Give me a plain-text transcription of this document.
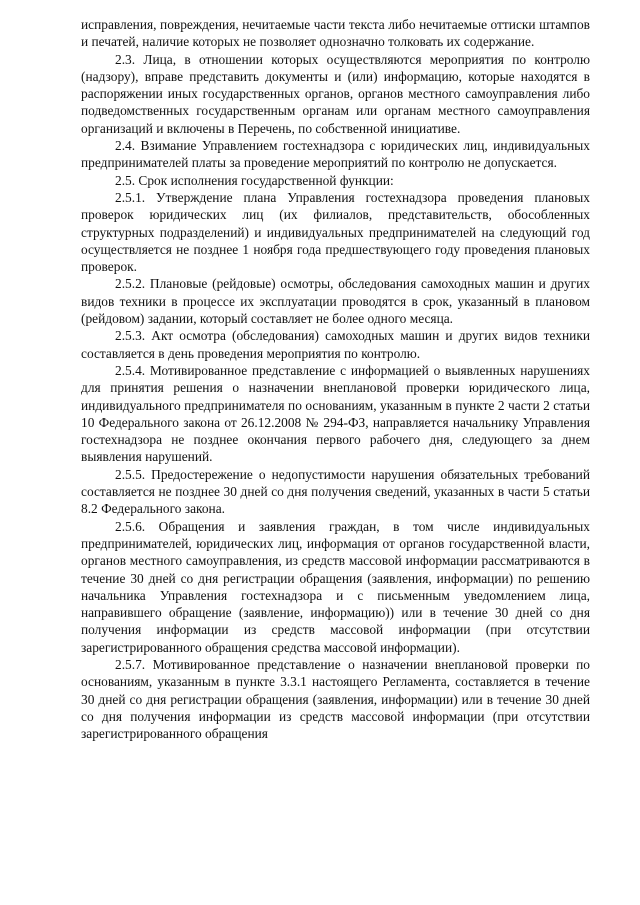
исправления, повреждения, нечитаемые части текста либо нечитаемые оттиски штампов и печатей, наличие которых не позволяет однозначно толковать их содержание.

2.3. Лица, в отношении которых осуществляются мероприятия по контролю (надзору), вправе представить документы и (или) информацию, которые находятся в распоряжении иных государственных органов, органов местного самоуправления либо подведомственных государственным органам или органам местного самоуправления организаций и включены в Перечень, по собственной инициативе.

2.4. Взимание Управлением гостехнадзора с юридических лиц, индивидуальных предпринимателей платы за проведение мероприятий по контролю не допускается.

2.5. Срок исполнения государственной функции:

2.5.1. Утверждение плана Управления гостехнадзора проведения плановых проверок юридических лиц (их филиалов, представительств, обособленных структурных подразделений) и индивидуальных предпринимателей на следующий год осуществляется не позднее 1 ноября года предшествующего году проведения плановых проверок.

2.5.2. Плановые (рейдовые) осмотры, обследования самоходных машин и других видов техники в процессе их эксплуатации проводятся в срок, указанный в плановом (рейдовом) задании, который составляет не более одного месяца.

2.5.3. Акт осмотра (обследования) самоходных машин и других видов техники составляется в день проведения мероприятия по контролю.

2.5.4. Мотивированное представление с информацией о выявленных нарушениях для принятия решения о назначении внеплановой проверки юридического лица, индивидуального предпринимателя по основаниям, указанным в пункте 2 части 2 статьи 10 Федерального закона от 26.12.2008 № 294-ФЗ, направляется начальнику Управления гостехнадзора не позднее окончания первого рабочего дня, следующего за днем выявления нарушений.

2.5.5. Предостережение о недопустимости нарушения обязательных требований составляется не позднее 30 дней со дня получения сведений, указанных в части 5 статьи 8.2 Федерального закона.

2.5.6. Обращения и заявления граждан, в том числе индивидуальных предпринимателей, юридических лиц, информация от органов государственной власти, органов местного самоуправления, из средств массовой информации рассматриваются в течение 30 дней со дня регистрации обращения (заявления, информации) по решению начальника Управления гостехнадзора и с письменным уведомлением лица, направившего обращение (заявление, информацию)) или в течение 30 дней со дня получения информации из средств массовой информации (при отсутствии зарегистрированного обращения средства массовой информации).

2.5.7. Мотивированное представление о назначении внеплановой проверки по основаниям, указанным в пункте 3.3.1 настоящего Регламента, составляется в течение 30 дней со дня регистрации обращения (заявления, информации) или в течение 30 дней со дня получения информации из средств массовой информации (при отсутствии зарегистрированного обращения
